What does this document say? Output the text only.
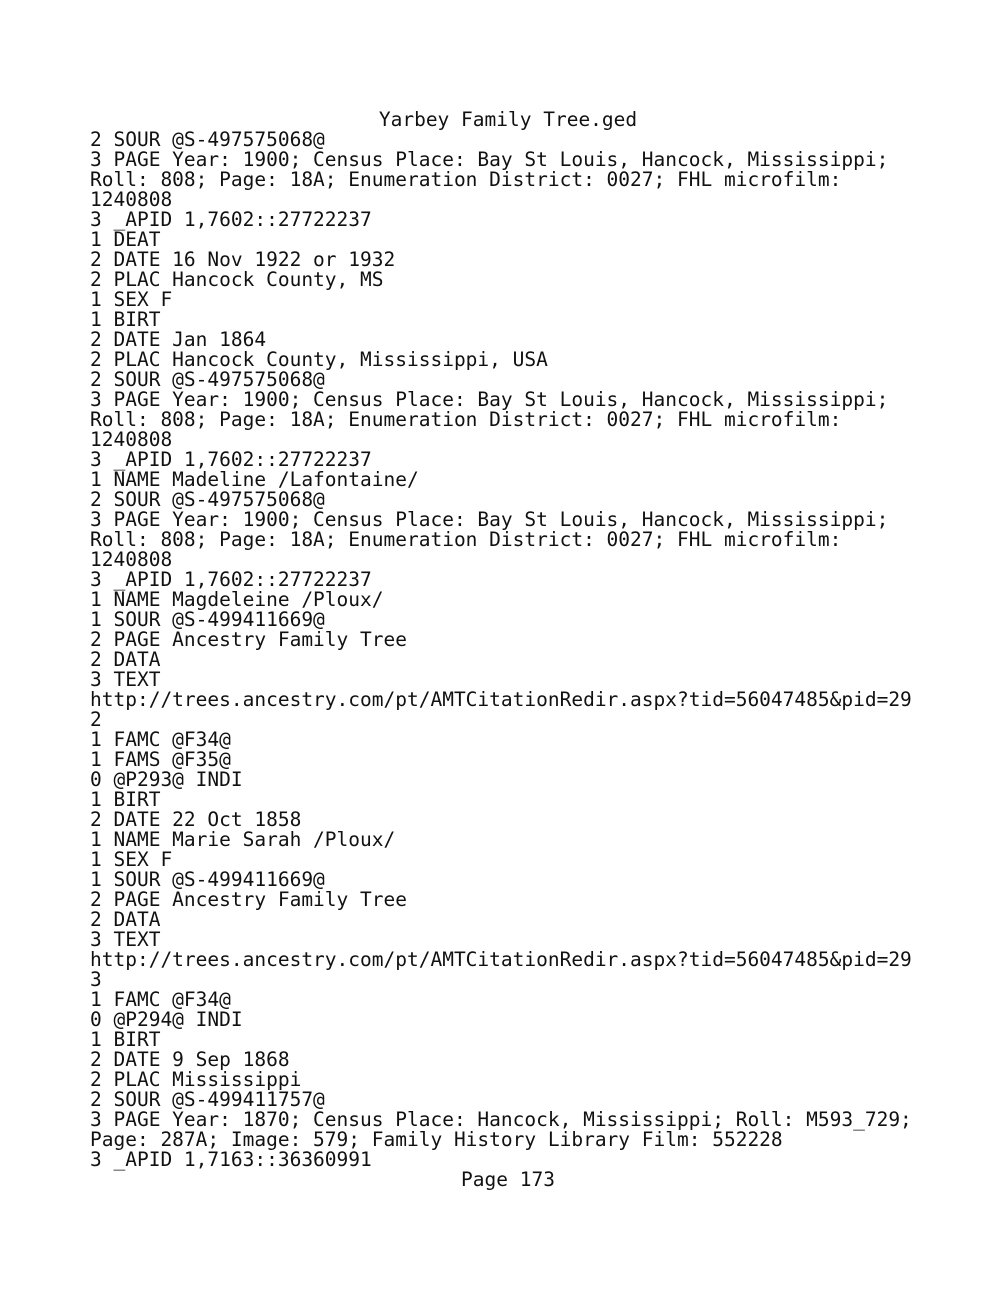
Yarbey Family Tree.ged
2 SOUR @S-497575068@
3 PAGE Year: 1900; Census Place: Bay St Louis, Hancock, Mississippi;
Roll: 808; Page: 18A; Enumeration District: 0027; FHL microfilm:
1240808
3 _APID 1,7602::27722237
1 DEAT
2 DATE 16 Nov 1922 or 1932
2 PLAC Hancock County, MS
1 SEX F
1 BIRT
2 DATE Jan 1864
2 PLAC Hancock County, Mississippi, USA
2 SOUR @S-497575068@
3 PAGE Year: 1900; Census Place: Bay St Louis, Hancock, Mississippi;
Roll: 808; Page: 18A; Enumeration District: 0027; FHL microfilm:
1240808
3 _APID 1,7602::27722237
1 NAME Madeline /Lafontaine/
2 SOUR @S-497575068@
3 PAGE Year: 1900; Census Place: Bay St Louis, Hancock, Mississippi;
Roll: 808; Page: 18A; Enumeration District: 0027; FHL microfilm:
1240808
3 _APID 1,7602::27722237
1 NAME Magdeleine /Ploux/
1 SOUR @S-499411669@
2 PAGE Ancestry Family Tree
2 DATA
3 TEXT
http://trees.ancestry.com/pt/AMTCitationRedir.aspx?tid=56047485&pid=29
2
1 FAMC @F34@
1 FAMS @F35@
0 @P293@ INDI
1 BIRT
2 DATE 22 Oct 1858
1 NAME Marie Sarah /Ploux/
1 SEX F
1 SOUR @S-499411669@
2 PAGE Ancestry Family Tree
2 DATA
3 TEXT
http://trees.ancestry.com/pt/AMTCitationRedir.aspx?tid=56047485&pid=29
3
1 FAMC @F34@
0 @P294@ INDI
1 BIRT
2 DATE 9 Sep 1868
2 PLAC Mississippi
2 SOUR @S-499411757@
3 PAGE Year: 1870; Census Place: Hancock, Mississippi; Roll: M593_729;
Page: 287A; Image: 579; Family History Library Film: 552228
3 _APID 1,7163::36360991
Page 173
